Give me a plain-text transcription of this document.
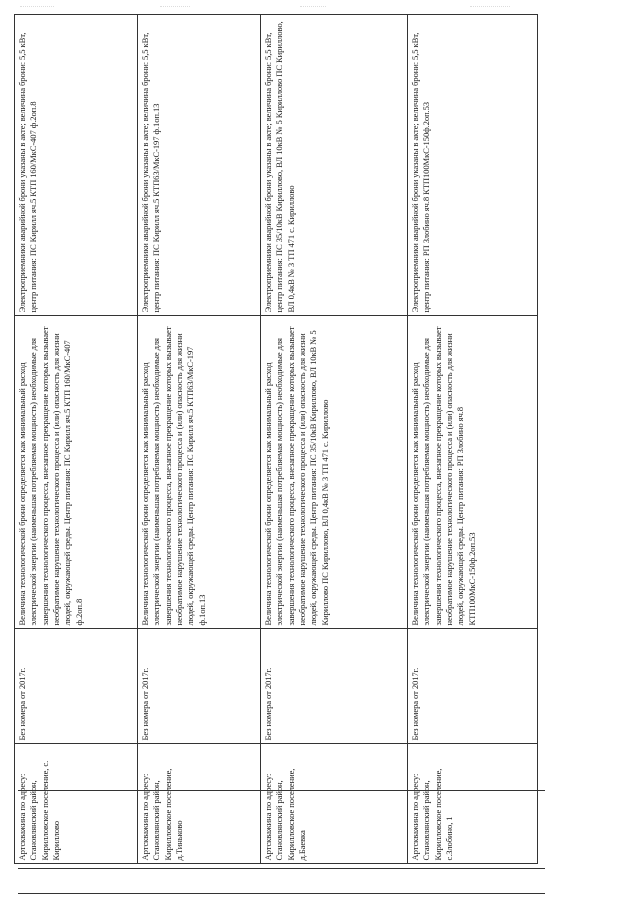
	Артскважина по адресу: Становлянский район, Кирилловское поселение, с. Кириллово	Без номера от 2017г.	Величина технологической брони определяется как минимальный расход электрической энергии (наименьшая потребляемая мощность) необходимые для завершения технологического процесса, внезапное прекращение которых вызывает необратимое нарушение технологического процесса и (или) опасность для жизни людей, окружающей среды. Центр питания: ПС Кирилл яч.5 КТП 160/МкС-407 ф.2оп.8	Электроприемники аварийной брони указаны в акте; величина брони: 5,5 кВт, центр питания: ПС Кирилл яч.5 КТП 160/МкС-407 ф.2оп.8
	Артскважина по адресу: Становлянский район, Кирилловское поселение, д.Тиньково	Без номера от 2017г.	Величина технологической брони определяется как минимальный расход электрической энергии (наименьшая потребляемая мощность) необходимые для завершения технологического процесса, внезапное прекращение которых вызывает необратимое нарушение технологического процесса и (или) опасность для жизни людей, окружающей среды. Центр питания: ПС Кирилл яч.5 КТП63/МкС-197 ф.1оп.13	Электроприемники аварийной брони указаны в акте; величина брони: 5,5 кВт, центр питания: ПС Кирилл яч.5 КТП63/МкС-197 ф.1оп.13
	Артскважина по адресу: Становлянский район, Кирилловское поселение, д.Баевка	Без номера от 2017г.	Величина технологической брони определяется как минимальный расход электрической энергии (наименьшая потребляемая мощность) необходимые для завершения технологического процесса, внезапное прекращение которых вызывает необратимое нарушение технологического процесса и (или) опасность для жизни людей, окружающей среды. Центр питания: ПС 35/10кВ Кириллово, ВЛ 10кВ № 5 Кириллово ПС Кириллово, ВЛ 0,4кВ № 3 ТП 471 с. Кириллово	Электроприемники аварийной брони указаны в акте; величина брони: 5,5 кВт, центр питания: ПС 35/10кВ Кириллово, ВЛ 10кВ № 5 Кириллово ПС Кириллово, ВЛ 0,4кВ № 3 ТП 471 с. Кириллово
	Артскважина по адресу: Становлянский район, Кирилловское поселение, с.Злобино, 1	Без номера от 2017г.	Величина технологической брони определяется как минимальный расход электрической энергии (наименьшая потребляемая мощность) необходимые для завершения технологического процесса, внезапное прекращение которых вызывает необратимое нарушение технологического процесса и (или) опасность для жизни людей, окружающей среды. Центр питания: РП Злобино яч.8 КТП100МкС-150ф.2оп.53	Электроприемники аварийной брони указаны в акте; величина брони: 5,5 кВт, центр питания: РП Злобино яч.8 КТП100МкС-150ф.2оп.53
